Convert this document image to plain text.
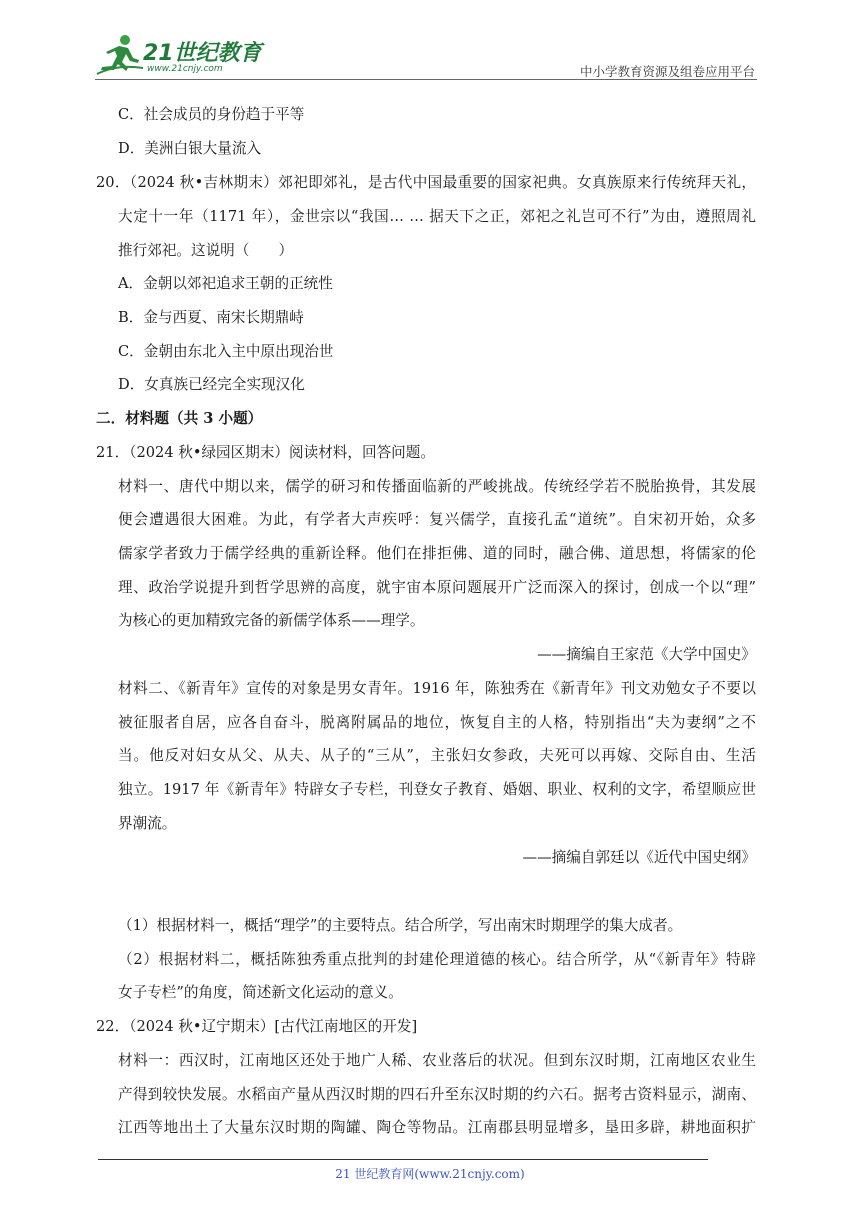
21世纪教育
www.21cnjy.com	中小学教育资源及组卷应用平台
C．社会成员的身份趋于平等
D．美洲白银大量流入
20．（2024 秋•吉林期末）郊祀即郊礼，是古代中国最重要的国家祀典。女真族原来行传统拜天礼，
大定十一年（1171 年），金世宗以“我国… … 据天下之正，郊祀之礼岂可不行”为由，遵照周礼
推行郊祀。这说明（　　）
A．金朝以郊祀追求王朝的正统性
B．金与西夏、南宋长期鼎峙
C．金朝由东北入主中原出现治世
D．女真族已经完全实现汉化
二．材料题（共 3 小题）
21．（2024 秋•绿园区期末）阅读材料，回答问题。
材料一、唐代中期以来，儒学的研习和传播面临新的严峻挑战。传统经学若不脱胎换骨，其发展
便会遭遇很大困难。为此，有学者大声疾呼：复兴儒学，直接孔孟“道统”。自宋初开始，众多
儒家学者致力于儒学经典的重新诠释。他们在排拒佛、道的同时，融合佛、道思想，将儒家的伦
理、政治学说提升到哲学思辨的高度，就宇宙本原问题展开广泛而深入的探讨，创成一个以“理”
为核心的更加精致完备的新儒学体系——理学。
——摘编自王家范《大学中国史》
材料二、《新青年》宣传的对象是男女青年。1916 年，陈独秀在《新青年》刊文劝勉女子不要以
被征服者自居，应各自奋斗，脱离附属品的地位，恢复自主的人格，特别指出“夫为妻纲”之不
当。他反对妇女从父、从夫、从子的“三从”，主张妇女参政，夫死可以再嫁、交际自由、生活
独立。1917 年《新青年》特辟女子专栏，刊登女子教育、婚姻、职业、权利的文字，希望顺应世
界潮流。
——摘编自郭廷以《近代中国史纲》
（1）根据材料一，概括“理学”的主要特点。结合所学，写出南宋时期理学的集大成者。
（2）根据材料二，概括陈独秀重点批判的封建伦理道德的核心。结合所学，从“《新青年》特辟
女子专栏”的角度，简述新文化运动的意义。
22．（2024 秋•辽宁期末）[古代江南地区的开发]
材料一：西汉时，江南地区还处于地广人稀、农业落后的状况。但到东汉时期，江南地区农业生
产得到较快发展。水稻亩产量从西汉时期的四石升至东汉时期的约六石。据考古资料显示，湖南、
江西等地出土了大量东汉时期的陶罐、陶仓等物品。江南郡县明显增多，垦田多辟，耕地面积扩
21 世纪教育网(www.21cnjy.com)
